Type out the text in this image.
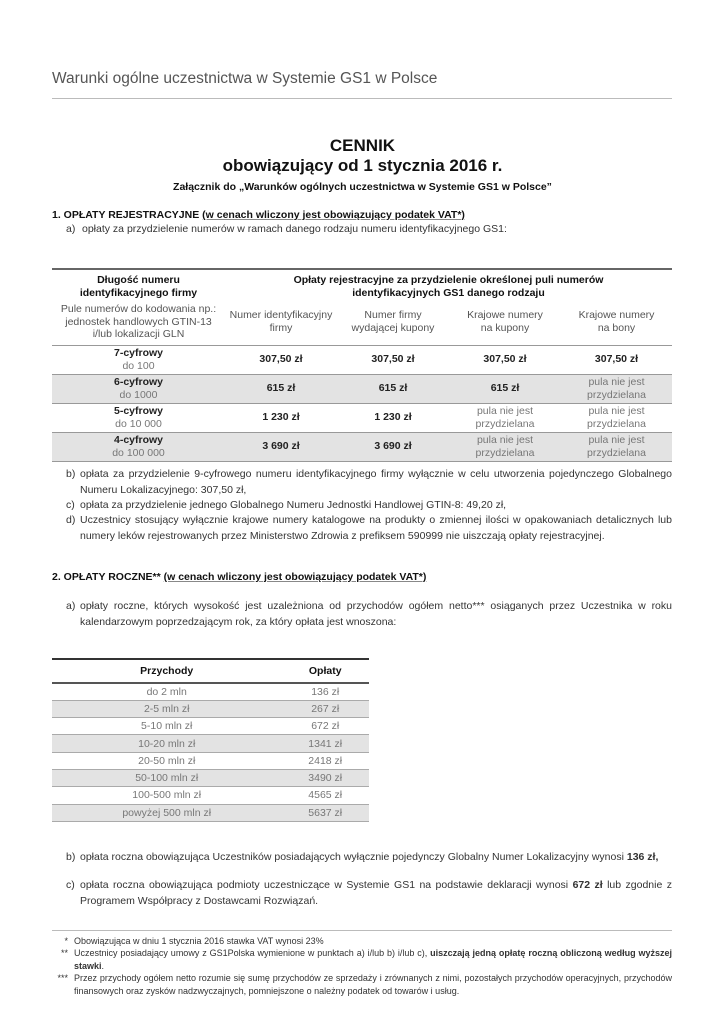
Warunki ogólne uczestnictwa w Systemie GS1 w Polsce
CENNIK
obowiązujący od 1 stycznia 2016 r.
Załącznik do „Warunków ogólnych uczestnictwa w Systemie GS1 w Polsce”
1. OPŁATY REJESTRACYJNE (w cenach wliczony jest obowiązujący podatek VAT*)
a) opłaty za przydzielenie numerów w ramach danego rodzaju numeru identyfikacyjnego GS1:
Długość numeru identyfikacyjnego firmy	Opłaty rejestracyjne za przydzielenie określonej puli numerów identyfikacyjnych GS1 danego rodzaju			
Pule numerów do kodowania np.: jednostek handlowych GTIN-13 i/lub lokalizacji GLN	Numer identyfikacyjny firmy	Numer firmy wydającej kupony	Krajowe numery na kupony	Krajowe numery na bony

7-cyfrowy
do 100	307,50 zł	307,50 zł	307,50 zł	307,50 zł

6-cyfrowy
do 1000	615 zł	615 zł	615 zł	pula nie jest przydzielana

5-cyfrowy
do 10 000	1 230 zł	1 230 zł	pula nie jest przydzielana	pula nie jest przydzielana

4-cyfrowy
do 100 000	3 690 zł	3 690 zł	pula nie jest przydzielana	pula nie jest przydzielana
b) opłata za przydzielenie 9-cyfrowego numeru identyfikacyjnego firmy wyłącznie w celu utworzenia pojedynczego Globalnego Numeru Lokalizacyjnego: 307,50 zł,
c) opłata za przydzielenie jednego Globalnego Numeru Jednostki Handlowej GTIN-8: 49,20 zł,
d) Uczestnicy stosujący wyłącznie krajowe numery katalogowe na produkty o zmiennej ilości w opakowaniach detalicznych lub numery leków rejestrowanych przez Ministerstwo Zdrowia z prefiksem 590999 nie uiszczają opłaty rejestracyjnej.
2. OPŁATY ROCZNE** (w cenach wliczony jest obowiązujący podatek VAT*)
a) opłaty roczne, których wysokość jest uzależniona od przychodów ogółem netto*** osiąganych przez Uczestnika w roku kalendarzowym poprzedzającym rok, za który opłata jest wnoszona:
Przychody	Opłaty
do 2 mln	136 zł
2-5 mln zł	267 zł
5-10 mln zł	672 zł
10-20 mln zł	1341 zł
20-50 mln zł	2418 zł
50-100 mln zł	3490 zł
100-500 mln zł	4565 zł
powyżej 500 mln zł	5637 zł
b) opłata roczna obowiązująca Uczestników posiadających wyłącznie pojedynczy Globalny Numer Lokalizacyjny wynosi 136 zł,
c) opłata roczna obowiązująca podmioty uczestniczące w Systemie GS1 na podstawie deklaracji wynosi 672 zł lub zgodnie z Programem Współpracy z Dostawcami Rozwiązań.
* Obowiązująca w dniu 1 stycznia 2016 stawka VAT wynosi 23%
** Uczestnicy posiadający umowy z GS1Polska wymienione w punktach a) i/lub b) i/lub c), uiszczają jedną opłatę roczną obliczoną według wyższej stawki.
*** Przez przychody ogółem netto rozumie się sumę przychodów ze sprzedaży i zrównanych z nimi, pozostałych przychodów operacyjnych, przychodów finansowych oraz zysków nadzwyczajnych, pomniejszone o należny podatek od towarów i usług.
